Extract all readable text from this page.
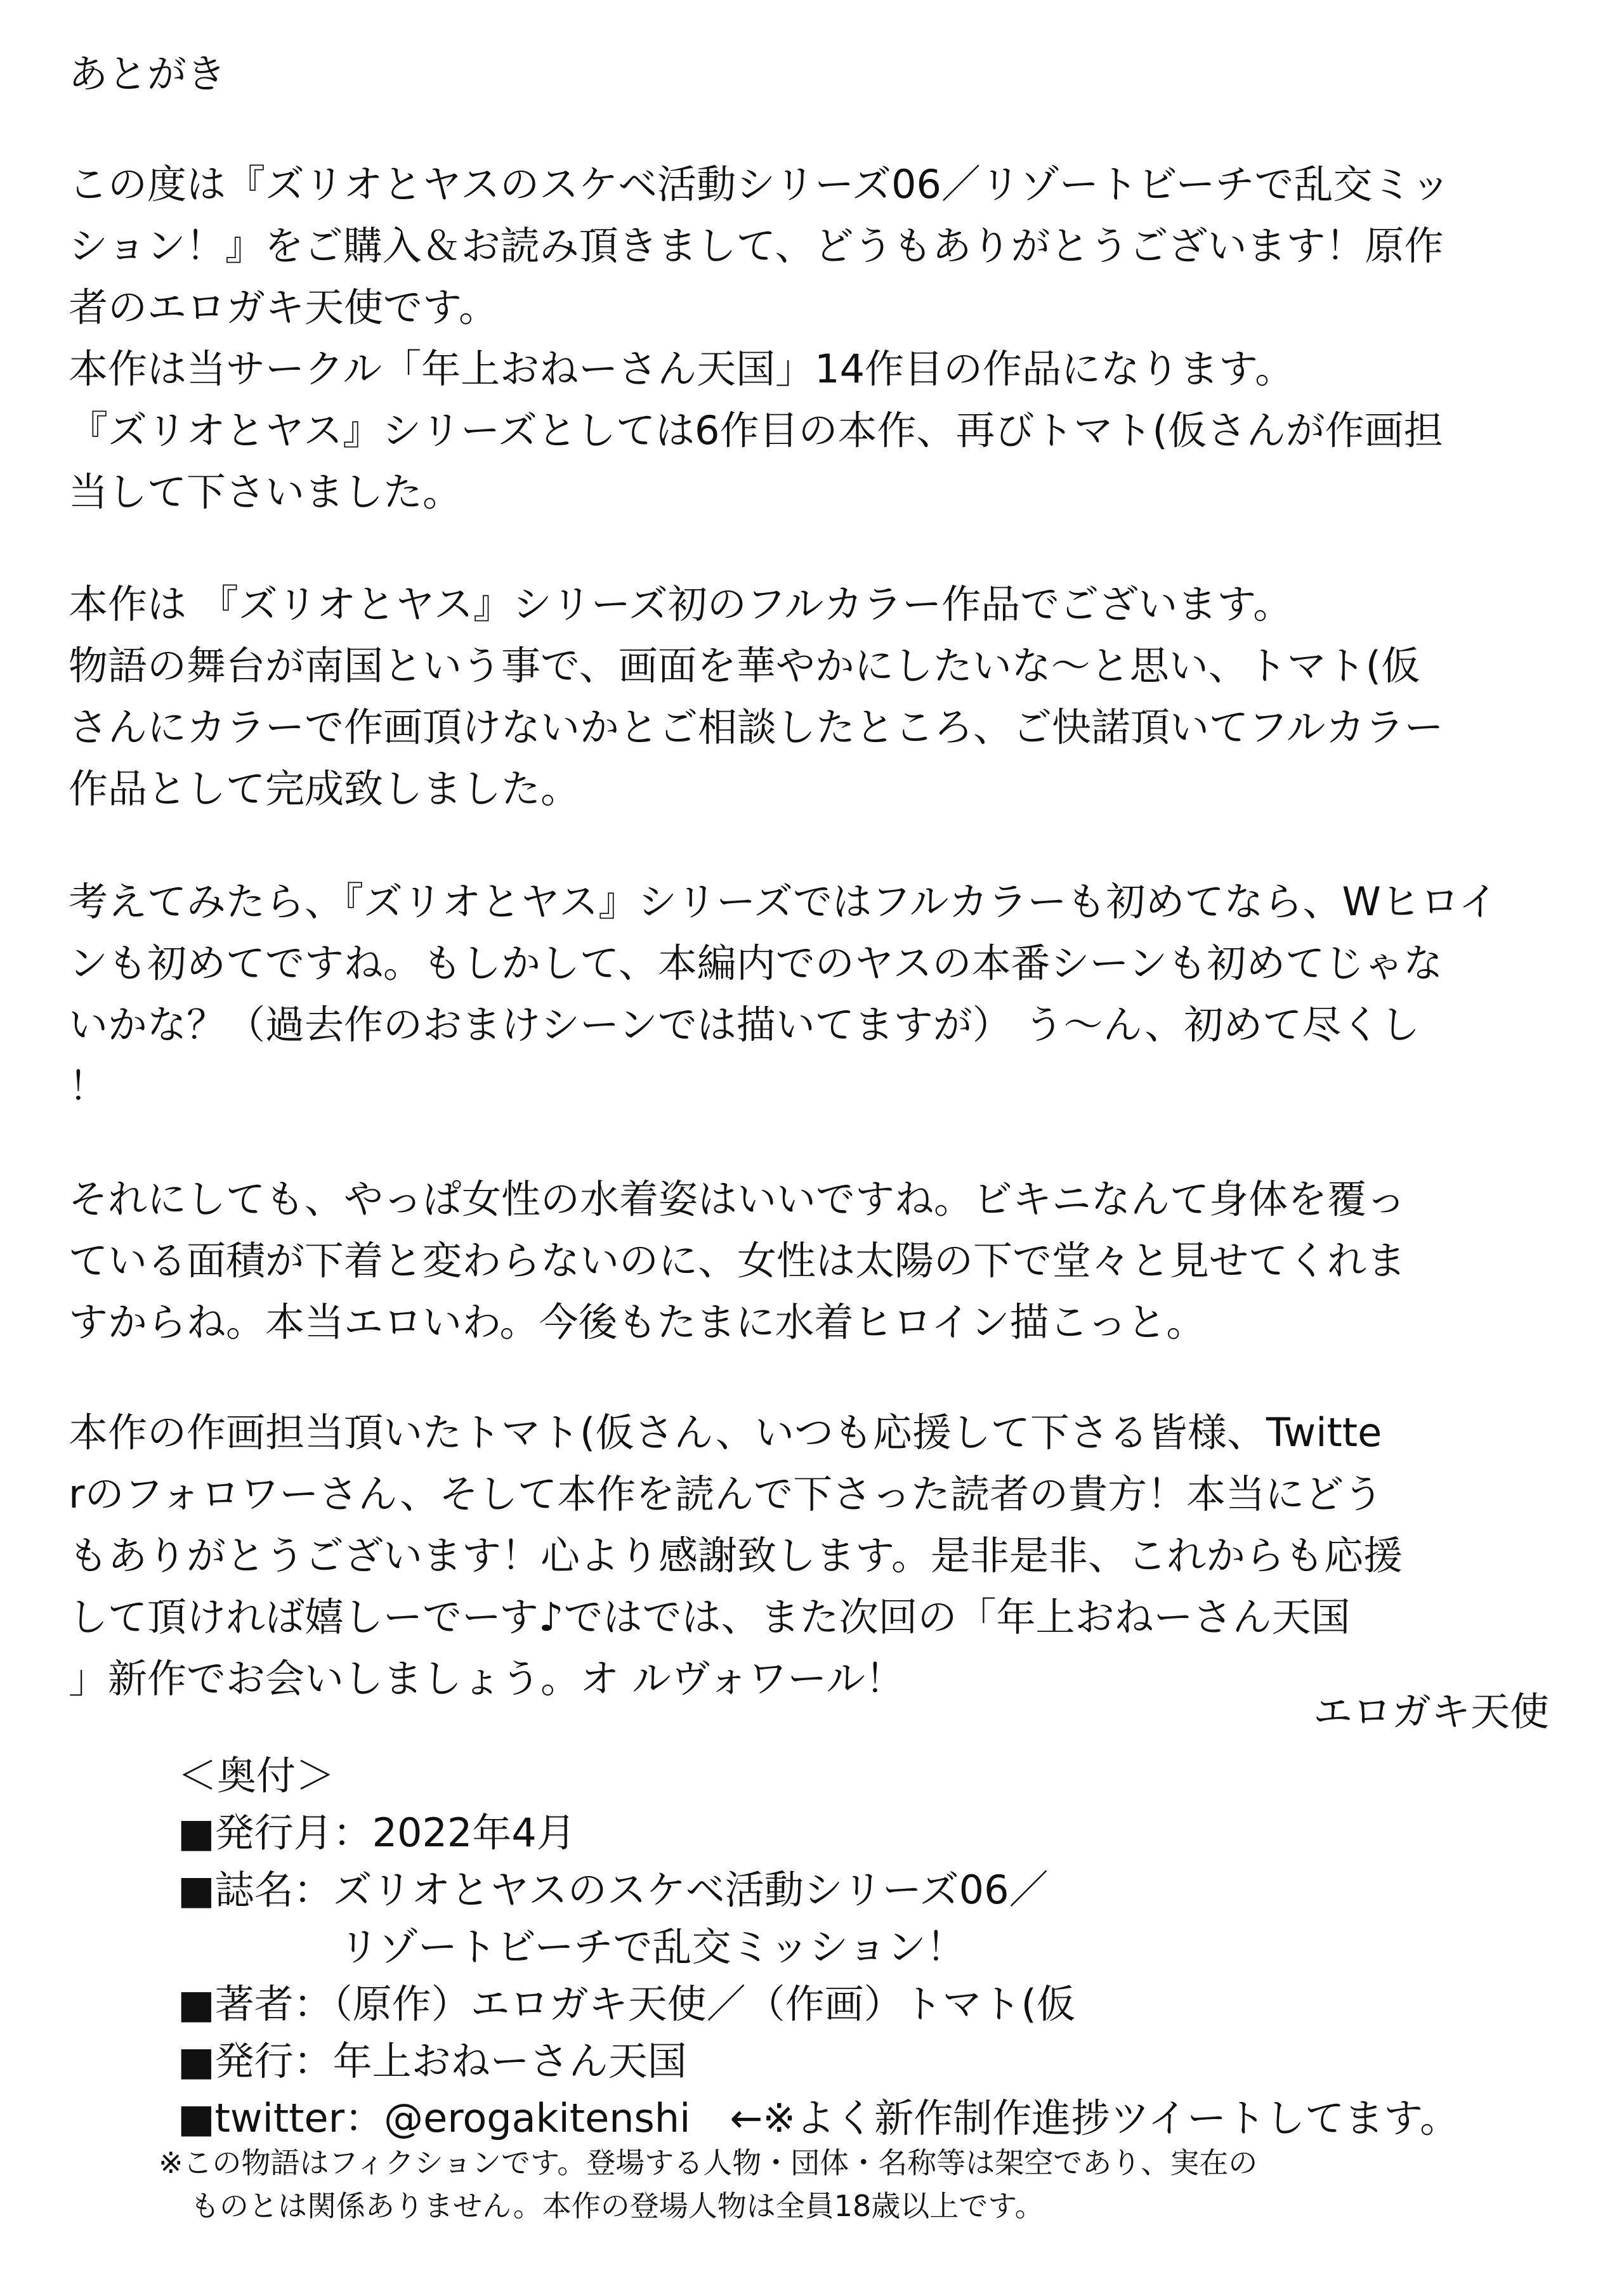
あとがき
この度は『ズリオとヤスのスケベ活動シリーズ06／リゾートビーチで乱交ミッ
ション！』をご購入＆お読み頂きまして、どうもありがとうございます！原作
者のエロガキ天使です。
本作は当サークル「年上おねーさん天国」14作目の作品になります。
『ズリオとヤス』シリーズとしては6作目の本作、再びトマト(仮さんが作画担
当して下さいました。
本作は 『ズリオとヤス』シリーズ初のフルカラー作品でございます。
物語の舞台が南国という事で、画面を華やかにしたいな～と思い、トマト(仮
さんにカラーで作画頂けないかとご相談したところ、ご快諾頂いてフルカラー
作品として完成致しました。
考えてみたら、『ズリオとヤス』シリーズではフルカラーも初めてなら、Wヒロイ
ンも初めてですね。もしかして、本編内でのヤスの本番シーンも初めてじゃな
いかな？（過去作のおまけシーンでは描いてますが） う～ん、初めて尽くし
！
それにしても、やっぱ女性の水着姿はいいですね。ビキニなんて身体を覆っ
ている面積が下着と変わらないのに、女性は太陽の下で堂々と見せてくれま
すからね。本当エロいわ。今後もたまに水着ヒロイン描こっと。
本作の作画担当頂いたトマト(仮さん、いつも応援して下さる皆様、Twitte
rのフォロワーさん、そして本作を読んで下さった読者の貴方！本当にどう
もありがとうございます！心より感謝致します。是非是非、これからも応援
して頂ければ嬉しーでーす♪ではでは、また次回の「年上おねーさん天国
」新作でお会いしましょう。オ ルヴォワール！
エロガキ天使
＜奥付＞
■発行月：2022年4月
■誌名：ズリオとヤスのスケベ活動シリーズ06／
リゾートビーチで乱交ミッション！
■著者：（原作）エロガキ天使／（作画）トマト(仮
■発行：年上おねーさん天国
■twitter：@erogakitenshi　←※よく新作制作進捗ツイートしてます。
※この物語はフィクションです。登場する人物・団体・名称等は架空であり、実在の
ものとは関係ありません。本作の登場人物は全員18歳以上です。
